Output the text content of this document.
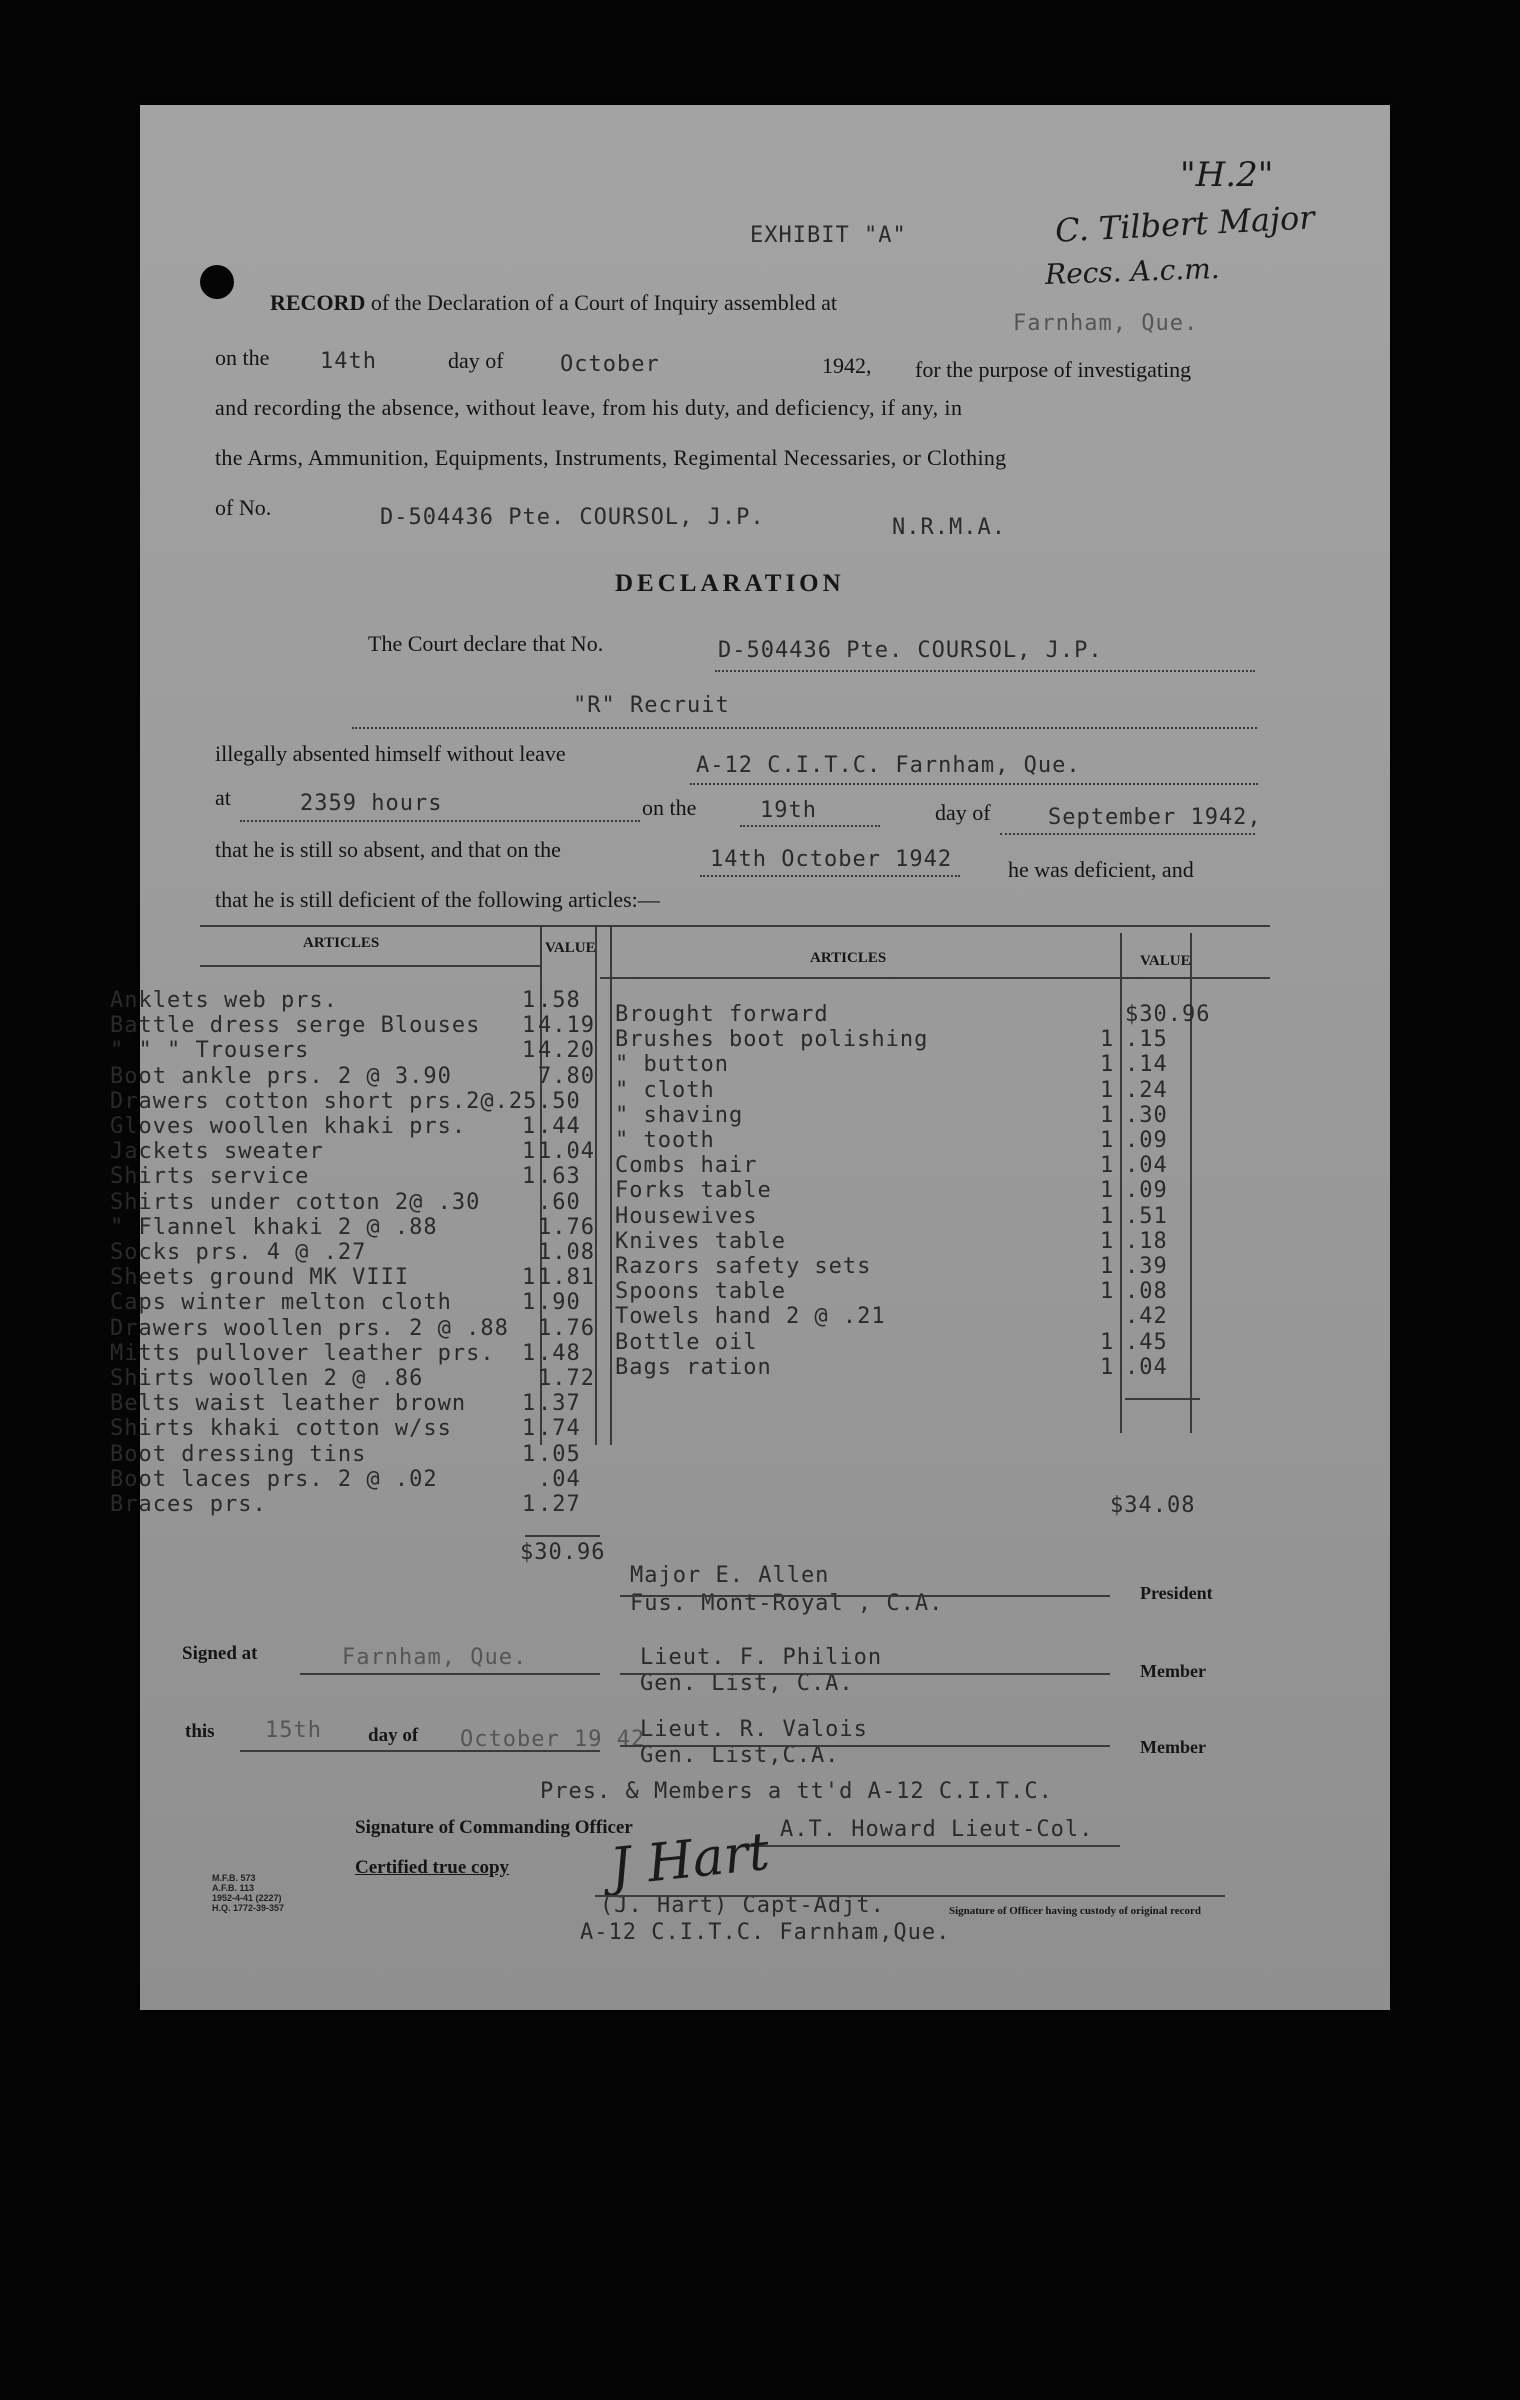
EXHIBIT "A"
"H.2"
C. Tilbert Major
Recs. A.c.m.
RECORD of the Declaration of a Court of Inquiry assembled at
Farnham, Que.
on the 14th	day of	October	1942, for the purpose of investigating
and recording the absence, without leave, from his duty, and deficiency, if any, in
the Arms, Ammunition, Equipments, Instruments, Regimental Necessaries, or Clothing
of No.	D-504436 Pte. COURSOL, J.P.	N.R.M.A.
DECLARATION
The Court declare that No.	D-504436 Pte. COURSOL, J.P.
"R" Recruit
illegally absented himself without leave	A-12 C.I.T.C. Farnham, Que.
at	2359 hours	on the	19th	day of	September 1942,
that he is still so absent, and that on the	14th October 1942	he was deficient, and
that he is still deficient of the following articles:—
ARTICLES	VALUE
ARTICLES	VALUE
Anklets web prs.	1 .58
Battle dress serge Blouses 1 4.19
" " " Trousers	1 4.20
Boot ankle prs. 2 @ 3.90	7.80
Drawers cotton short prs.2@.25 .50
Gloves woollen khaki prs.	1 .44
Jackets sweater	1 1.04
Shirts service	1 .63
Shirts under cotton 2@ .30	.60
" Flannel khaki 2 @ .88	1.76
Socks prs. 4 @ .27	1.08
Sheets ground MK VIII	1 1.81
Caps winter melton cloth	1 .90
Drawers woollen prs. 2 @ .88 1.76
Mitts pullover leather prs. 1 .48
Shirts woollen 2 @ .86	1.72
Belts waist leather brown	1 .37
Shirts khaki cotton w/ss	1 .74
Boot dressing tins	1 .05
Boot laces prs. 2 @ .02	.04
Braces prs.	1 .27
Brought forward	$30.96
Brushes boot polishing	1 .15
" button	1 .14
" cloth	1 .24
" shaving	1 .30
" tooth	1 .09
Combs hair	1 .04
Forks table	1 .09
Housewives	1 .51
Knives table	1 .18
Razors safety sets	1 .39
Spoons table	1 .08
Towels hand 2 @ .21	.42
Bottle oil	1 .45
Bags ration	1 .04
$30.96
$34.08
Major E. Allen
Fus. Mont-Royal , C.A.	President
Signed at	Farnham, Que.	Lieut. F. Philion
Gen. List, C.A.	Member
this 15th day of October 19 42
Lieut. R. Valois
Gen. List,C.A.	Member
Pres. & Members a tt'd A-12 C.I.T.C.
Signature of Commanding Officer	A.T. Howard Lieut-Col.
Certified true copy J Hart
(J. Hart) Capt-Adjt.
A-12 C.I.T.C. Farnham,Que.
Signature of Officer having custody of original record
M.F.B. 573
A.F.B. 113
1952-4-41 (2227)
H.Q. 1772-39-357
